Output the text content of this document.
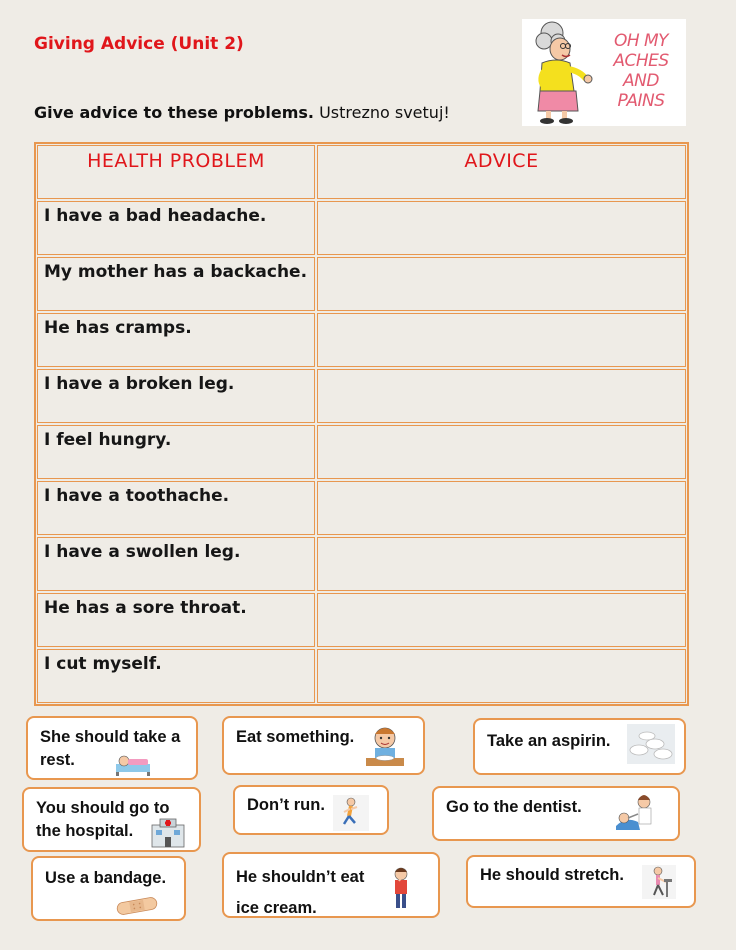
Giving Advice (Unit 2)
Give advice to these problems. Ustrezno svetuj!
OH MY
ACHES
AND
PAINS
HEALTH PROBLEM	ADVICE
I have a bad headache.
My mother has a backache.
He has cramps.
I have a broken leg.
I feel hungry.
I have a toothache.
I have a swollen leg.
He has a sore throat.
I cut myself.
She should take a
rest.
Eat something.	Take an aspirin.
You should go to
the hospital.
Don’t run.	Go to the dentist.
Use a bandage.	He shouldn’t eat
ice cream.
He should stretch.
